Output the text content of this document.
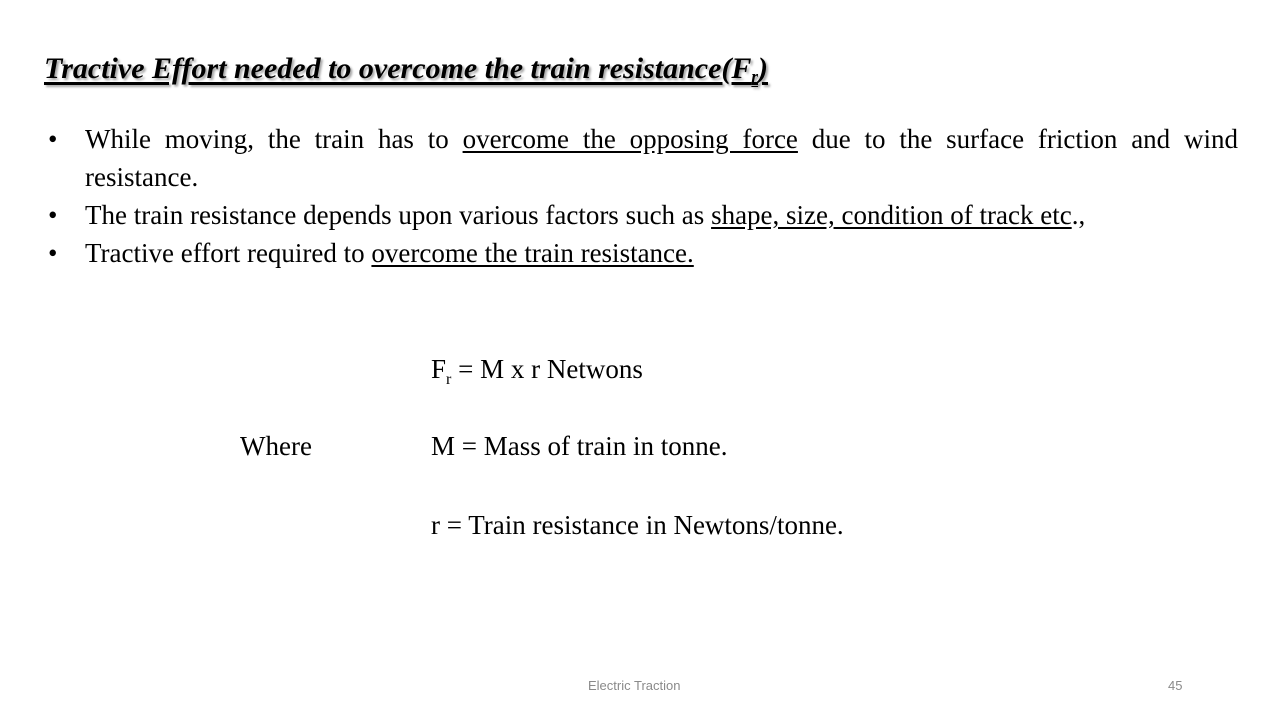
Tractive Effort needed to overcome the train $resistance(F_r)$
•	While moving, the train has to overcome the opposing force due to the surface friction and wind resistance.
•	The train resistance depends upon various factors such as shape, size, condition of track etc.,
•	Tractive effort required to overcome the train resistance.
$F_r = M$ x r Netwons
Where	M = Mass of train in tonne.
r = Train resistance in Newtons/tonne.
Electric Traction	45
